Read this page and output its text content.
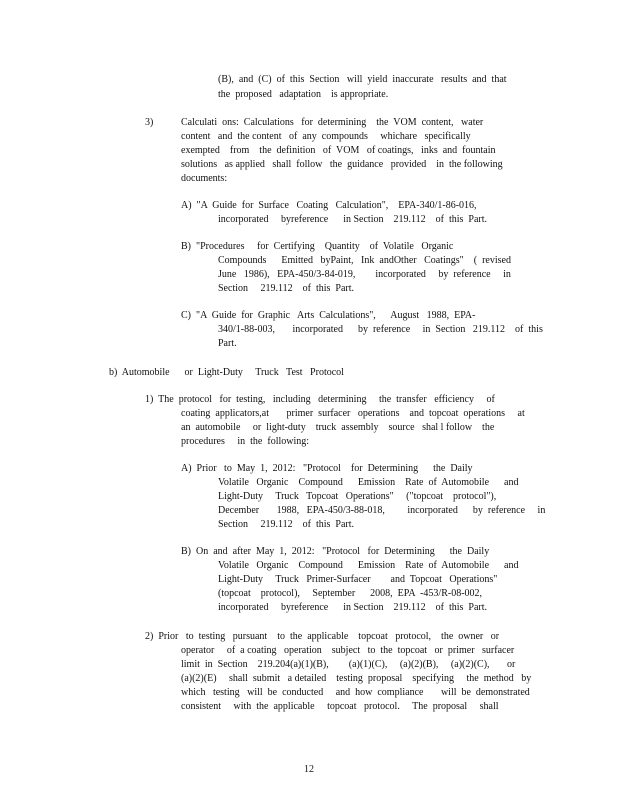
(B),  and  (C)  of  this  Section   will  yield  inaccurate   results  and  that
the  proposed   adaptation    is appropriate.
3)	Calculati  ons:  Calculations   for  determining    the  VOM  content,   water
content   and  the content   of  any  compounds     whichare   specifically
exempted    from    the  definition   of  VOM   of coatings,   inks  and  fountain
solutions   as applied   shall  follow   the  guidance   provided    in  the following
documents:
A)  "A  Guide  for  Surface   Coating   Calculation",    EPA-340/1-86-016,
incorporated     byreference      in Section    219.112    of  this  Part.
B)  "Procedures     for  Certifying    Quantity    of  Volatile   Organic
Compounds      Emitted   byPaint,   Ink  andOther   Coatings"    (  revised
June   1986),   EPA-450/3-84-019,        incorporated     by  reference     in
Section     219.112    of  this  Part.
C)  "A  Guide  for  Graphic   Arts  Calculations",      August   1988,  EPA-
340/1-88-003,       incorporated      by  reference     in  Section   219.112    of  this
Part.
b)  Automobile      or  Light-Duty     Truck   Test   Protocol
1)  The  protocol   for  testing,   including   determining     the  transfer   efficiency     of
coating  applicators,at       primer  surfacer   operations    and  topcoat  operations     at
an  automobile     or  light-duty    truck  assembly    source   shal l follow    the
procedures     in  the  following:
A)  Prior   to  May  1,  2012:   "Protocol    for  Determining      the  Daily
Volatile   Organic    Compound      Emission    Rate  of  Automobile      and
Light-Duty     Truck   Topcoat   Operations"     ("topcoat    protocol"),
December       1988,   EPA-450/3-88-018,         incorporated      by  reference     in
Section     219.112    of  this  Part.
B)  On  and  after  May  1,  2012:   "Protocol   for  Determining      the  Daily
Volatile   Organic    Compound      Emission    Rate  of  Automobile      and
Light-Duty     Truck   Primer-Surfacer        and  Topcoat   Operations"
(topcoat    protocol),     September      2008,  EPA  -453/R-08-002,
incorporated     byreference      in Section    219.112    of  this  Part.
2)  Prior   to  testing   pursuant    to  the  applicable    topcoat   protocol,    the  owner   or
operator     of  a coating   operation    subject   to  the  topcoat   or  primer   surfacer
limit  in  Section    219.204(a)(1)(B),        (a)(1)(C),     (a)(2)(B),     (a)(2)(C),       or
(a)(2)(E)     shall  submit   a detailed    testing  proposal    specifying     the  method   by
which   testing   will  be  conducted     and  how  compliance       will  be  demonstrated
consistent     with  the  applicable     topcoat   protocol.     The  proposal     shall
12
